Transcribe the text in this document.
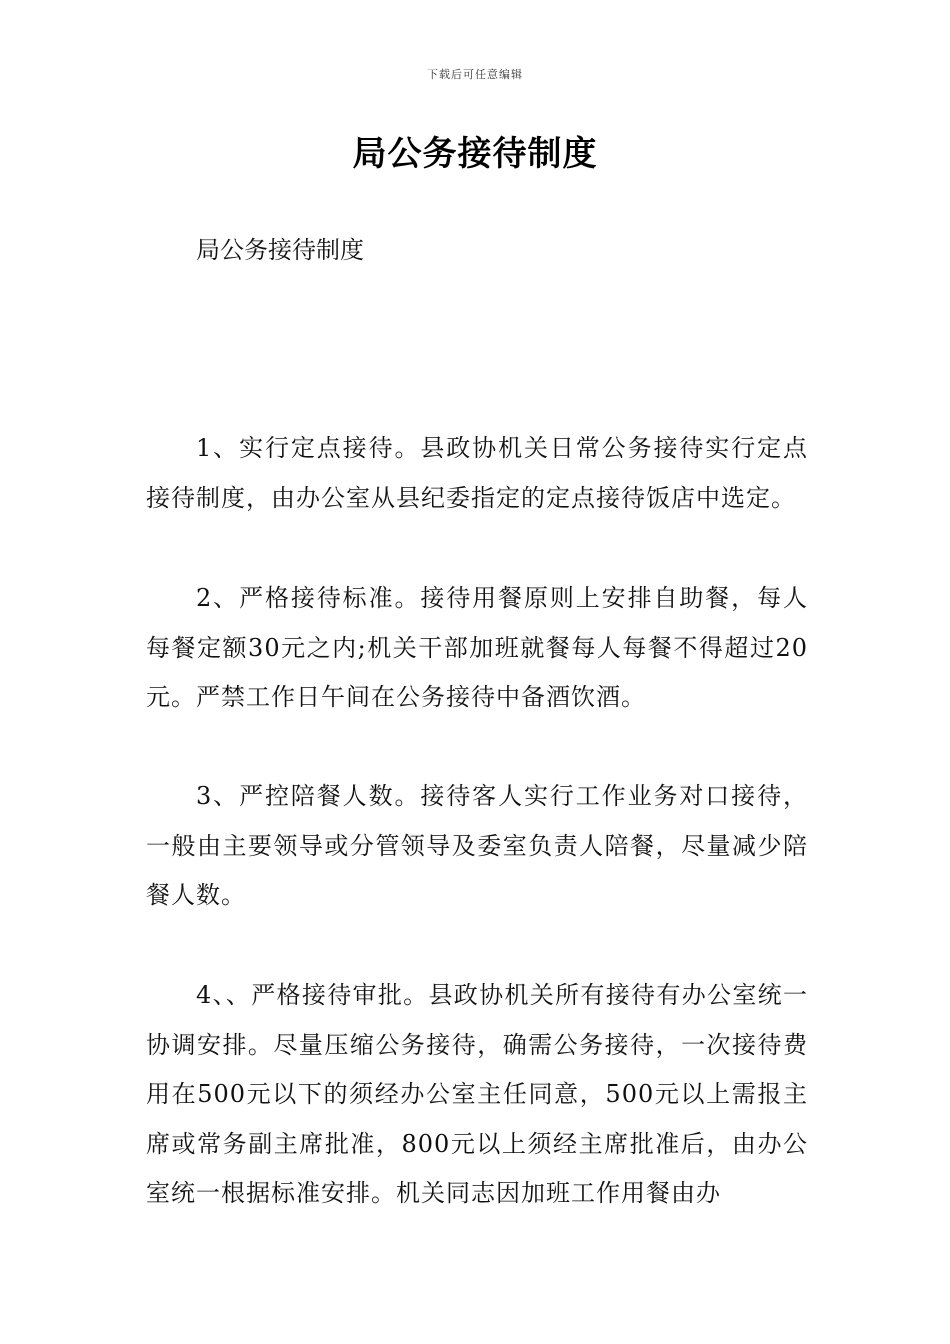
下载后可任意编辑
局公务接待制度

局公务接待制度

1、实行定点接待。县政协机关日常公务接待实行定点接待制度，由办公室从县纪委指定的定点接待饭店中选定。

2、严格接待标准。接待用餐原则上安排自助餐，每人每餐定额30元之内;机关干部加班就餐每人每餐不得超过20元。严禁工作日午间在公务接待中备酒饮酒。

3、严控陪餐人数。接待客人实行工作业务对口接待，一般由主要领导或分管领导及委室负责人陪餐，尽量减少陪餐人数。

4、、严格接待审批。县政协机关所有接待有办公室统一协调安排。尽量压缩公务接待，确需公务接待，一次接待费用在500元以下的须经办公室主任同意，500元以上需报主席或常务副主席批准，800元以上须经主席批准后，由办公室统一根据标准安排。机关同志因加班工作用餐由办
